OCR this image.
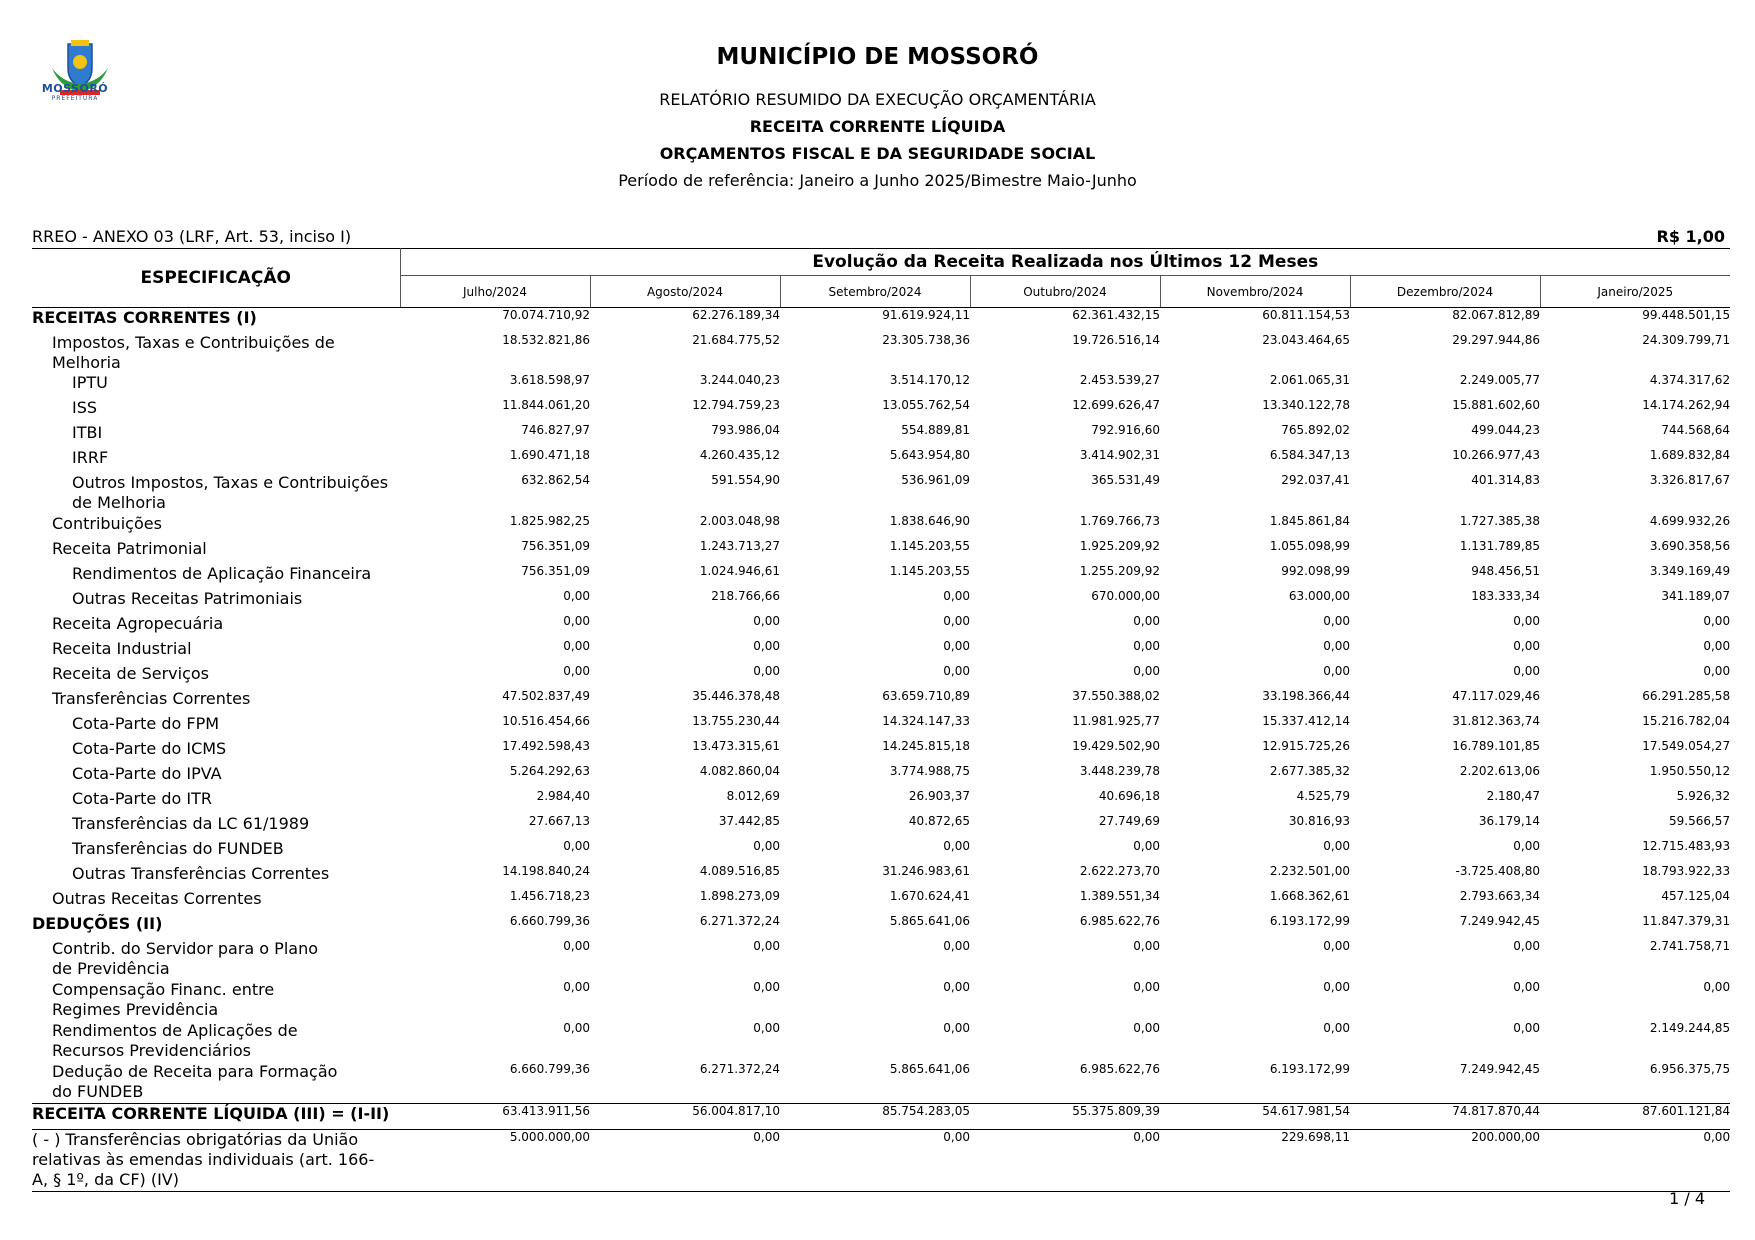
MOSSORÓ
PREFEITURA
MUNICÍPIO DE MOSSORÓ
RELATÓRIO RESUMIDO DA EXECUÇÃO ORÇAMENTÁRIA
RECEITA CORRENTE LÍQUIDA
ORÇAMENTOS FISCAL E DA SEGURIDADE SOCIAL
Período de referência: Janeiro a Junho 2025/Bimestre Maio-Junho
RREO - ANEXO 03 (LRF, Art. 53, inciso I)	R$ 1,00
ESPECIFICAÇÃO	Evolução da Receita Realizada nos Últimos 12 Meses						
	Julho/2024	Agosto/2024	Setembro/2024	Outubro/2024	Novembro/2024	Dezembro/2024	Janeiro/2025
RECEITAS CORRENTES (I)	70.074.710,92	62.276.189,34	91.619.924,11	62.361.432,15	60.811.154,53	82.067.812,89	99.448.501,15
Impostos, Taxas e Contribuições de Melhoria	18.532.821,86	21.684.775,52	23.305.738,36	19.726.516,14	23.043.464,65	29.297.944,86	24.309.799,71
IPTU	3.618.598,97	3.244.040,23	3.514.170,12	2.453.539,27	2.061.065,31	2.249.005,77	4.374.317,62
ISS	11.844.061,20	12.794.759,23	13.055.762,54	12.699.626,47	13.340.122,78	15.881.602,60	14.174.262,94
ITBI	746.827,97	793.986,04	554.889,81	792.916,60	765.892,02	499.044,23	744.568,64
IRRF	1.690.471,18	4.260.435,12	5.643.954,80	3.414.902,31	6.584.347,13	10.266.977,43	1.689.832,84
Outros Impostos, Taxas e Contribuições de Melhoria	632.862,54	591.554,90	536.961,09	365.531,49	292.037,41	401.314,83	3.326.817,67
Contribuições	1.825.982,25	2.003.048,98	1.838.646,90	1.769.766,73	1.845.861,84	1.727.385,38	4.699.932,26
Receita Patrimonial	756.351,09	1.243.713,27	1.145.203,55	1.925.209,92	1.055.098,99	1.131.789,85	3.690.358,56
Rendimentos de Aplicação Financeira	756.351,09	1.024.946,61	1.145.203,55	1.255.209,92	992.098,99	948.456,51	3.349.169,49
Outras Receitas Patrimoniais	0,00	218.766,66	0,00	670.000,00	63.000,00	183.333,34	341.189,07
Receita Agropecuária	0,00	0,00	0,00	0,00	0,00	0,00	0,00
Receita Industrial	0,00	0,00	0,00	0,00	0,00	0,00	0,00
Receita de Serviços	0,00	0,00	0,00	0,00	0,00	0,00	0,00
Transferências Correntes	47.502.837,49	35.446.378,48	63.659.710,89	37.550.388,02	33.198.366,44	47.117.029,46	66.291.285,58
Cota-Parte do FPM	10.516.454,66	13.755.230,44	14.324.147,33	11.981.925,77	15.337.412,14	31.812.363,74	15.216.782,04
Cota-Parte do ICMS	17.492.598,43	13.473.315,61	14.245.815,18	19.429.502,90	12.915.725,26	16.789.101,85	17.549.054,27
Cota-Parte do IPVA	5.264.292,63	4.082.860,04	3.774.988,75	3.448.239,78	2.677.385,32	2.202.613,06	1.950.550,12
Cota-Parte do ITR	2.984,40	8.012,69	26.903,37	40.696,18	4.525,79	2.180,47	5.926,32
Transferências da LC 61/1989	27.667,13	37.442,85	40.872,65	27.749,69	30.816,93	36.179,14	59.566,57
Transferências do FUNDEB	0,00	0,00	0,00	0,00	0,00	0,00	12.715.483,93
Outras Transferências Correntes	14.198.840,24	4.089.516,85	31.246.983,61	2.622.273,70	2.232.501,00	-3.725.408,80	18.793.922,33
Outras Receitas Correntes	1.456.718,23	1.898.273,09	1.670.624,41	1.389.551,34	1.668.362,61	2.793.663,34	457.125,04
DEDUÇÕES (II)	6.660.799,36	6.271.372,24	5.865.641,06	6.985.622,76	6.193.172,99	7.249.942,45	11.847.379,31
Contrib. do Servidor para o Plano de Previdência	0,00	0,00	0,00	0,00	0,00	0,00	2.741.758,71
Compensação Financ. entre Regimes Previdência	0,00	0,00	0,00	0,00	0,00	0,00	0,00
Rendimentos de Aplicações de Recursos Previdenciários	0,00	0,00	0,00	0,00	0,00	0,00	2.149.244,85
Dedução de Receita para Formação do FUNDEB	6.660.799,36	6.271.372,24	5.865.641,06	6.985.622,76	6.193.172,99	7.249.942,45	6.956.375,75
RECEITA CORRENTE LÍQUIDA (III) = (I-II)	63.413.911,56	56.004.817,10	85.754.283,05	55.375.809,39	54.617.981,54	74.817.870,44	87.601.121,84
( - ) Transferências obrigatórias da União relativas às emendas individuais (art. 166-A, § 1º, da CF) (IV)	5.000.000,00	0,00	0,00	0,00	229.698,11	200.000,00	0,00
1 / 4
